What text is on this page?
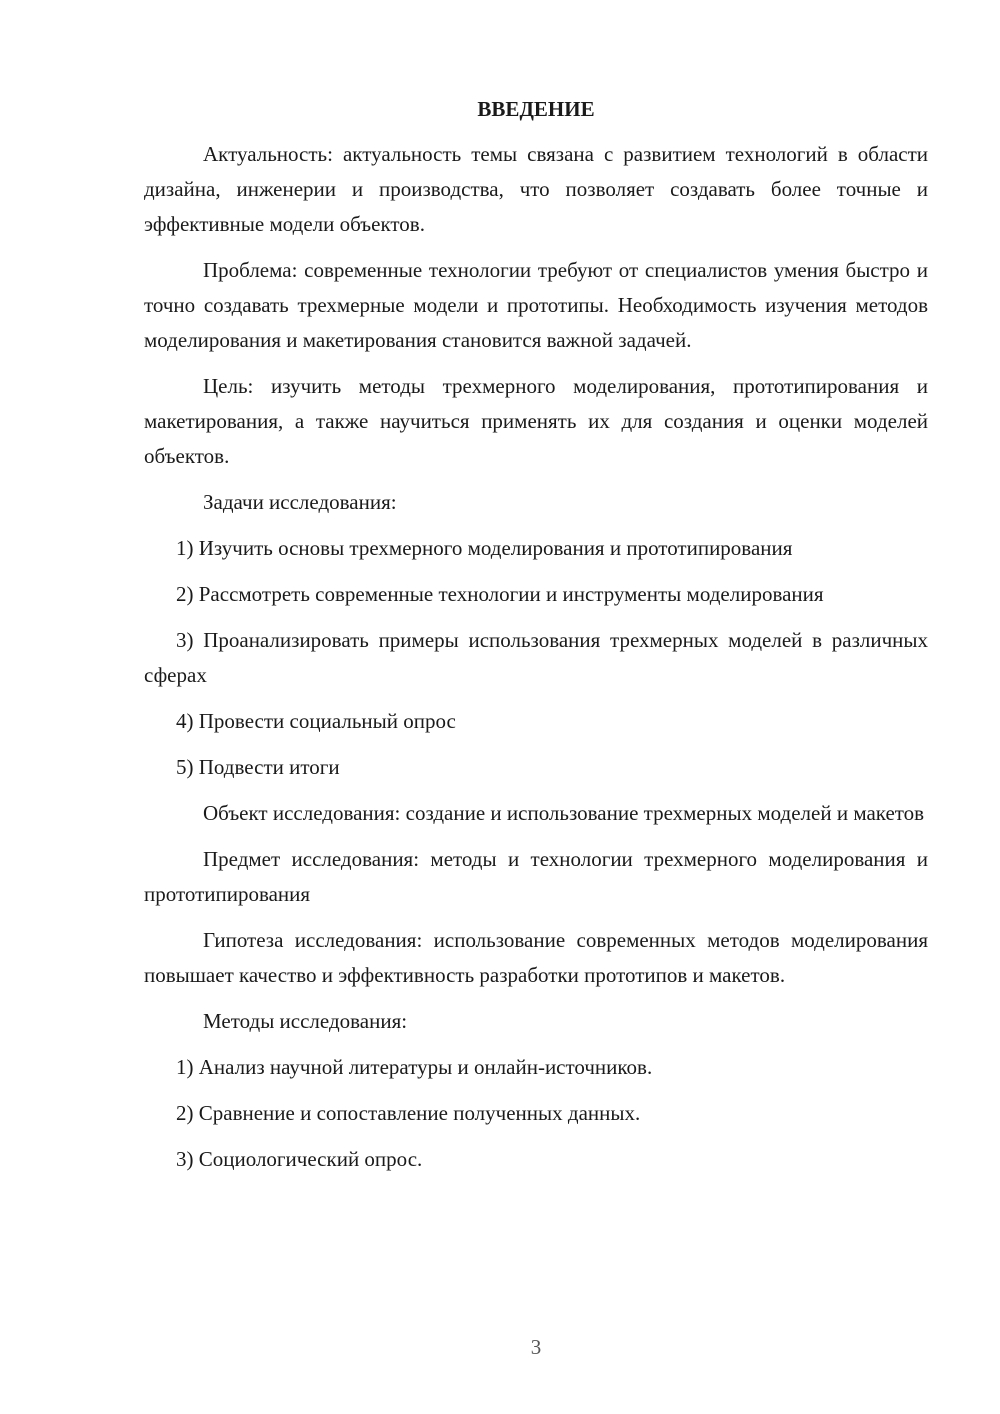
ВВЕДЕНИЕ

Актуальность: актуальность темы связана с развитием технологий в области дизайна, инженерии и производства, что позволяет создавать более точные и эффективные модели объектов.

Проблема: современные технологии требуют от специалистов умения быстро и точно создавать трехмерные модели и прототипы. Необходимость изучения методов моделирования и макетирования становится важной задачей.

Цель: изучить методы трехмерного моделирования, прототипирования и макетирования, а также научиться применять их для создания и оценки моделей объектов.

Задачи исследования:

1) Изучить основы трехмерного моделирования и прототипирования

2) Рассмотреть современные технологии и инструменты моделирования

3) Проанализировать примеры использования трехмерных моделей в различных сферах

4) Провести социальный опрос

5) Подвести итоги

Объект исследования: создание и использование трехмерных моделей и макетов

Предмет исследования: методы и технологии трехмерного моделирования и прототипирования

Гипотеза исследования: использование современных методов моделирования повышает качество и эффективность разработки прототипов и макетов.

Методы исследования:

1) Анализ научной литературы и онлайн-источников.

2) Сравнение и сопоставление полученных данных.

3) Социологический опрос.

3
